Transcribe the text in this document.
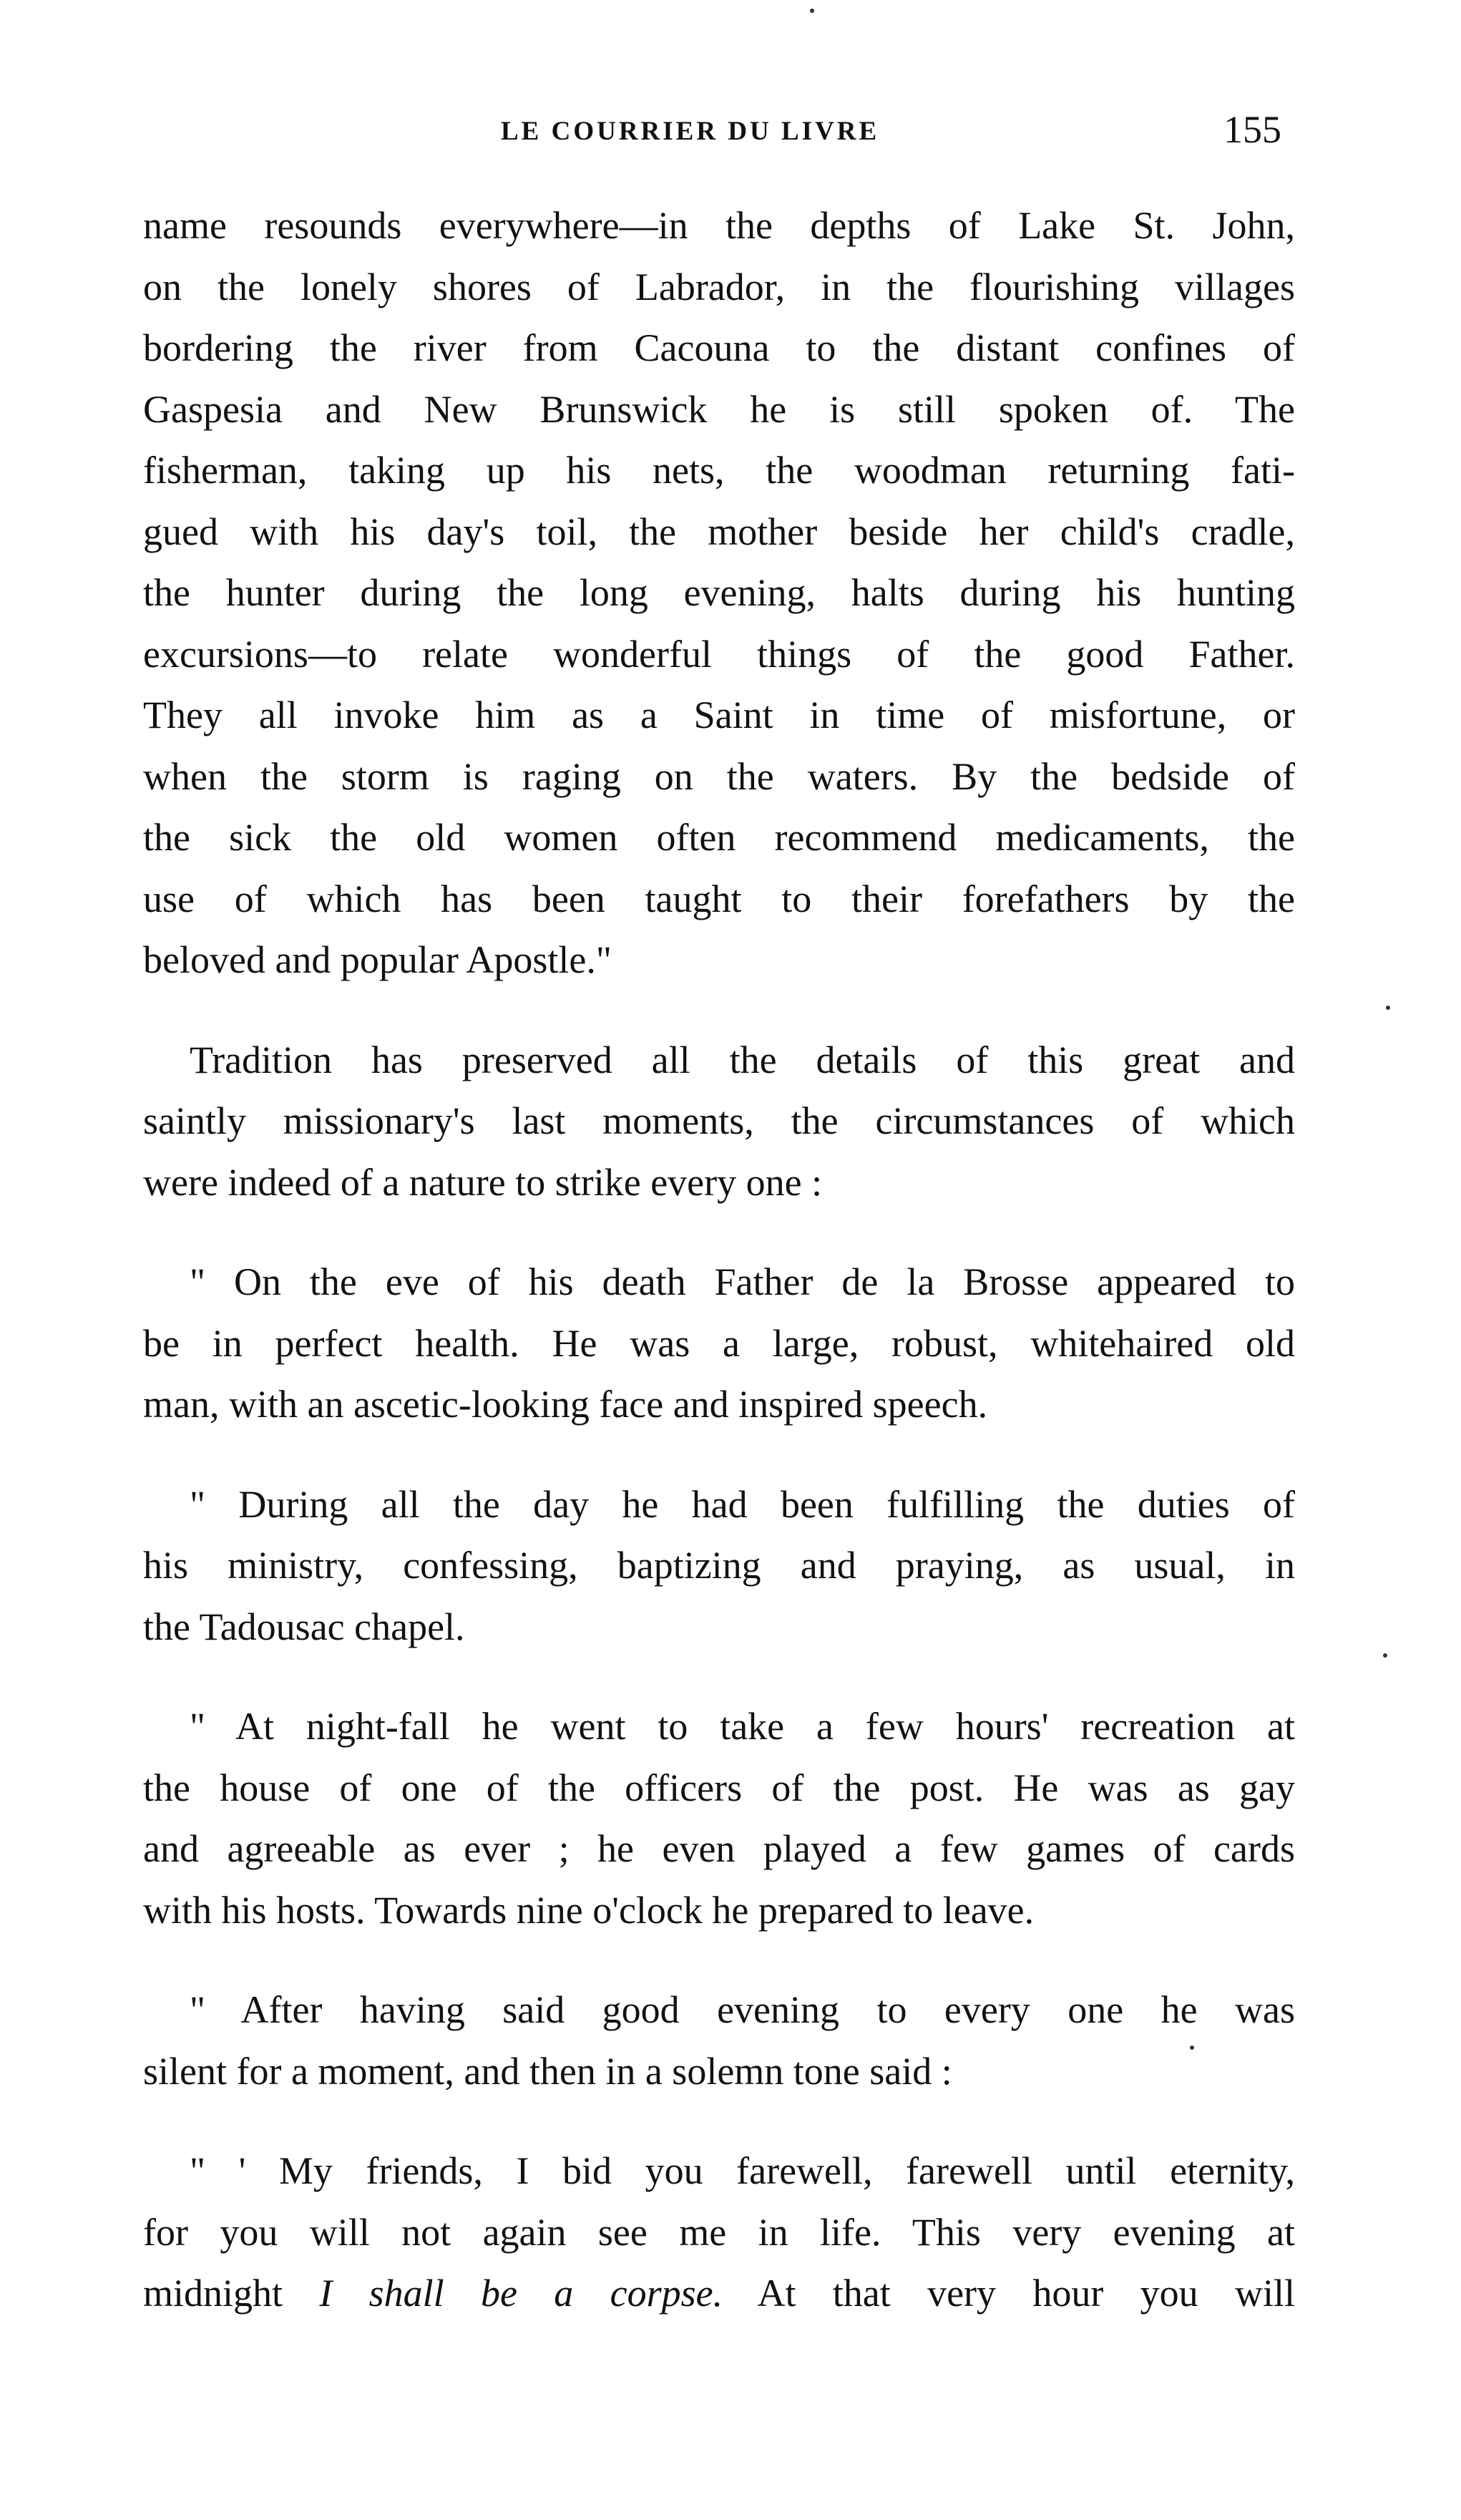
LE COURRIER DU LIVRE	155
name resounds everywhere—in the depths of Lake St. John,
on the lonely shores of Labrador, in the flourishing villages
bordering the river from Cacouna to the distant confines of
Gaspesia and New Brunswick he is still spoken of. The
fisherman, taking up his nets, the woodman returning fati-
gued with his day's toil, the mother beside her child's cradle,
the hunter during the long evening, halts during his hunting
excursions—to relate wonderful things of the good Father.
They all invoke him as a Saint in time of misfortune, or
when the storm is raging on the waters. By the bedside of
the sick the old women often recommend medicaments, the
use of which has been taught to their forefathers by the
beloved and popular Apostle."
Tradition has preserved all the details of this great and
saintly missionary's last moments, the circumstances of which
were indeed of a nature to strike every one :
" On the eve of his death Father de la Brosse appeared to
be in perfect health. He was a large, robust, whitehaired old
man, with an ascetic-looking face and inspired speech.
" During all the day he had been fulfilling the duties of
his ministry, confessing, baptizing and praying, as usual, in
the Tadousac chapel.
" At night-fall he went to take a few hours' recreation at
the house of one of the officers of the post. He was as gay
and agreeable as ever ; he even played a few games of cards
with his hosts. Towards nine o'clock he prepared to leave.
" After having said good evening to every one he was
silent for a moment, and then in a solemn tone said :
" ' My friends, I bid you farewell, farewell until eternity,
for you will not again see me in life. This very evening at
midnight I shall be a corpse. At that very hour you will
